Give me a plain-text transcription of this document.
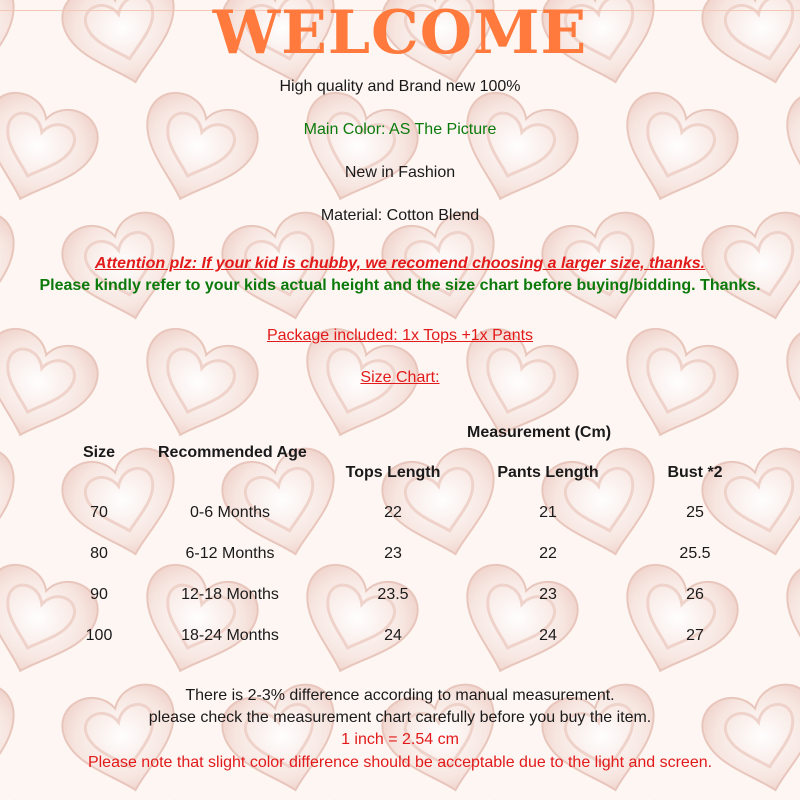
WELCOME
High quality and Brand new 100%
Main Color: AS The Picture
New in Fashion
Material: Cotton Blend
Attention plz: If your kid is chubby, we recomend choosing a larger size, thanks.
Please kindly refer to your kids actual height and the size chart before buying/bidding. Thanks.
Package included: 1x Tops +1x Pants
Size Chart:
Size	Recommended Age
Measurement (Cm)
Tops Length	Pants Length	Bust *2
70	0-6 Months	22	21	25
80	6-12 Months	23	22	25.5
90	12-18 Months	23.5	23	26
100	18-24 Months	24	24	27
There is 2-3% difference according to manual measurement.
please check the measurement chart carefully before you buy the item.
1 inch = 2.54 cm
Please note that slight color difference should be acceptable due to the light and screen.
